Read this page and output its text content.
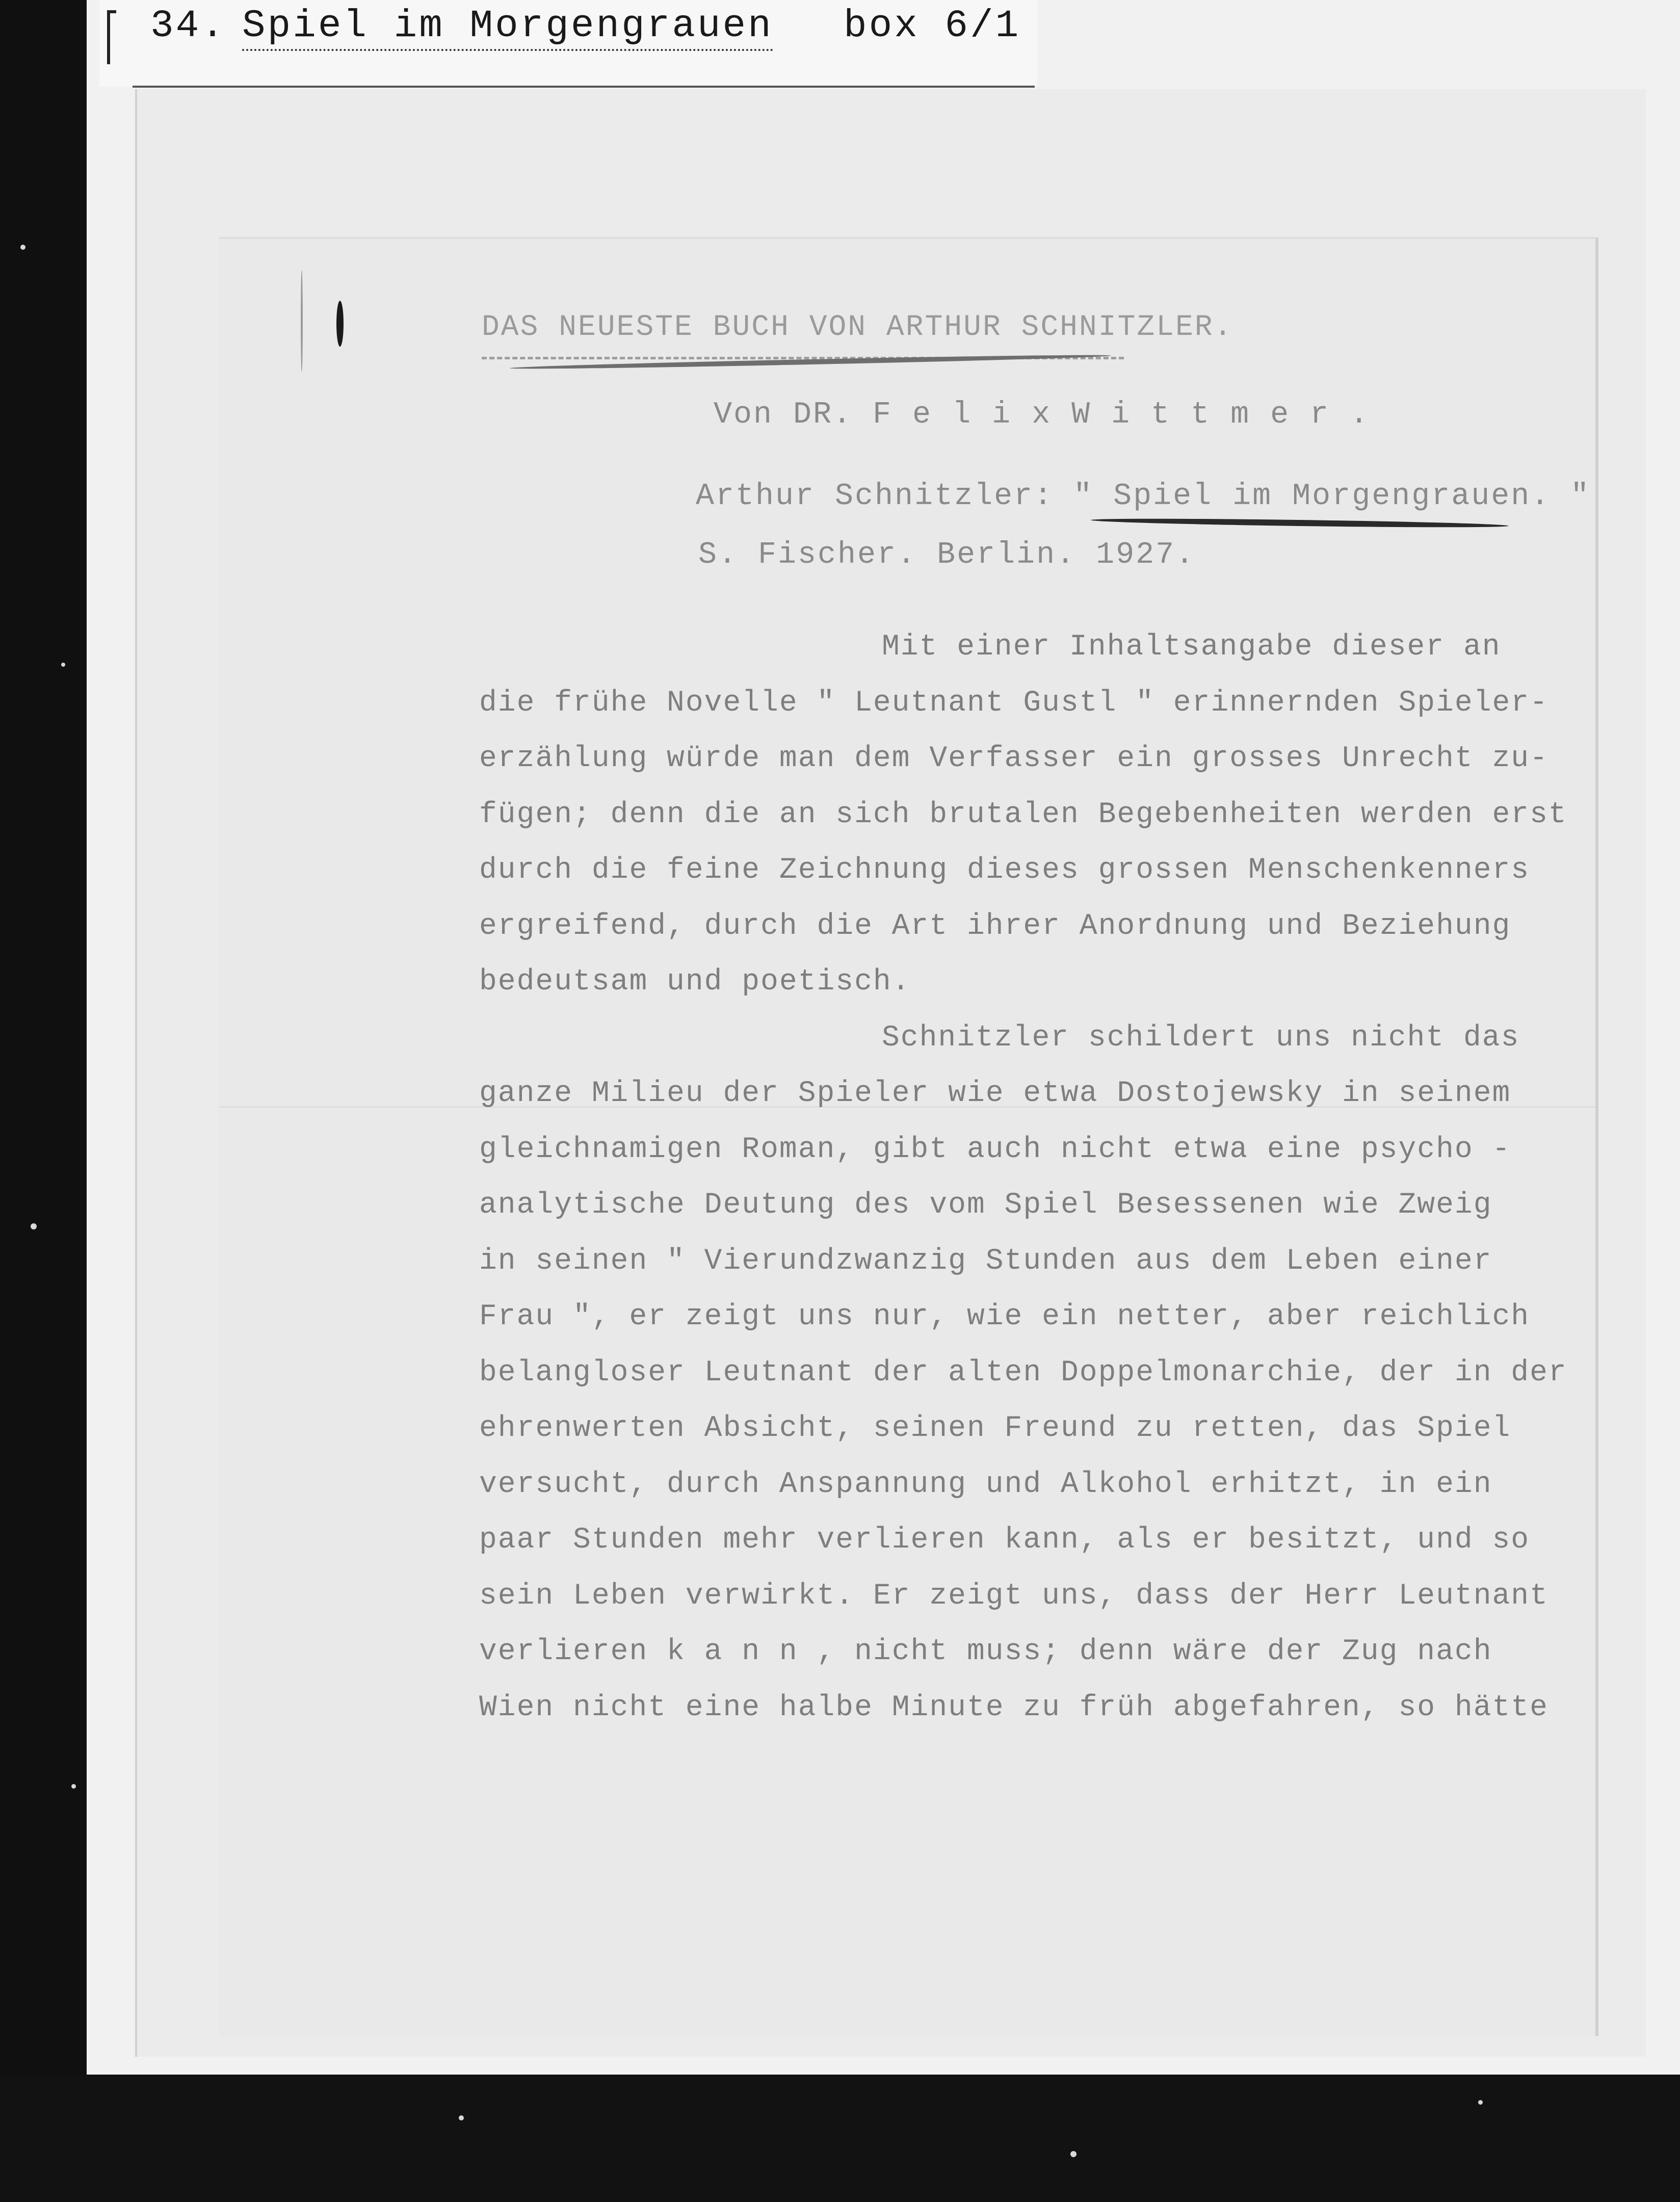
34. Spiel im Morgengrauen box 6/1
DAS NEUESTE BUCH VON ARTHUR SCHNITZLER.
Von DR. F e l i x W i t t m e r .
Arthur Schnitzler: " Spiel im Morgengrauen. "
S. Fischer. Berlin. 1927.
Mit einer Inhaltsangabe dieser an
die frühe Novelle " Leutnant Gustl " erinnernden Spieler-
erzählung würde man dem Verfasser ein grosses Unrecht zu-
fügen; denn die an sich brutalen Begebenheiten werden erst
durch die feine Zeichnung dieses grossen Menschenkenners
ergreifend, durch die Art ihrer Anordnung und Beziehung
bedeutsam und poetisch.
Schnitzler schildert uns nicht das
ganze Milieu der Spieler wie etwa Dostojewsky in seinem
gleichnamigen Roman, gibt auch nicht etwa eine psycho -
analytische Deutung des vom Spiel Besessenen wie Zweig
in seinen " Vierundzwanzig Stunden aus dem Leben einer
Frau ", er zeigt uns nur, wie ein netter, aber reichlich
belangloser Leutnant der alten Doppelmonarchie, der in der
ehrenwerten Absicht, seinen Freund zu retten, das Spiel
versucht, durch Anspannung und Alkohol erhitzt, in ein
paar Stunden mehr verlieren kann, als er besitzt, und so
sein Leben verwirkt. Er zeigt uns, dass der Herr Leutnant
verlieren k a n n , nicht muss; denn wäre der Zug nach
Wien nicht eine halbe Minute zu früh abgefahren, so hätte
